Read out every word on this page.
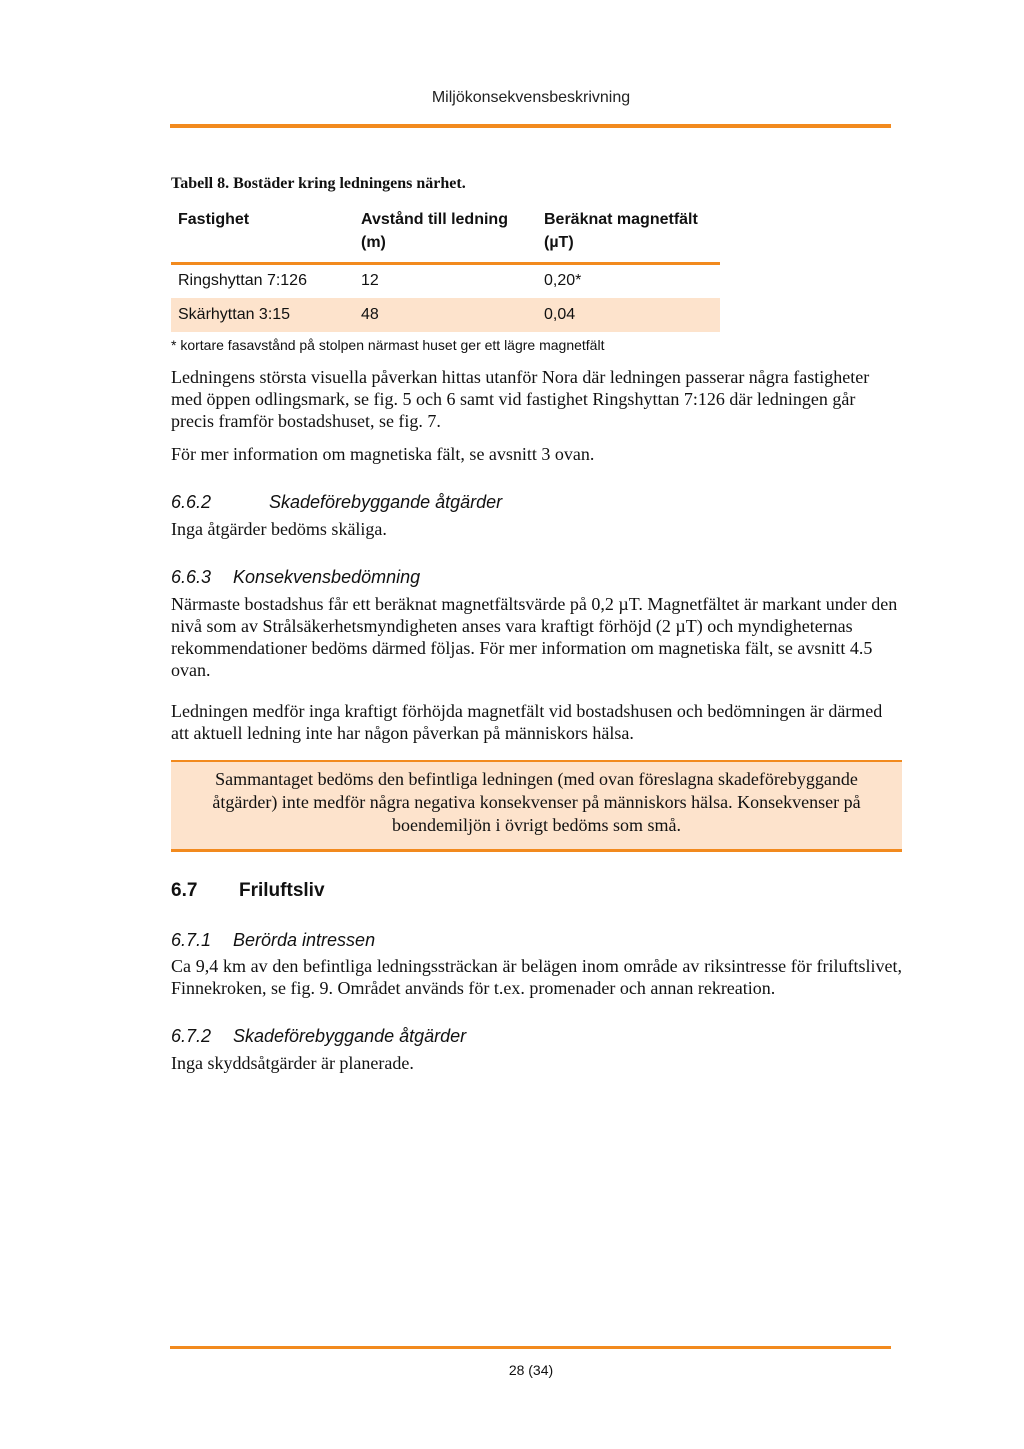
Miljökonsekvensbeskrivning
Tabell 8. Bostäder kring ledningens närhet.
Fastighet	Avstånd till ledning (m)	Beräknat magnetfält (µT)
Ringshyttan 7:126	12	0,20*
Skärhyttan 3:15	48	0,04
* kortare fasavstånd på stolpen närmast huset ger ett lägre magnetfält

Ledningens största visuella påverkan hittas utanför Nora där ledningen passerar några fastigheter med öppen odlingsmark, se fig. 5 och 6 samt vid fastighet Ringshyttan 7:126 där ledningen går precis framför bostadshuset, se fig. 7.

För mer information om magnetiska fält, se avsnitt 3 ovan.

6.6.2	Skadeförebyggande åtgärder

Inga åtgärder bedöms skäliga.

6.6.3 Konsekvensbedömning

Närmaste bostadshus får ett beräknat magnetfältsvärde på 0,2 µT. Magnetfältet är markant under den nivå som av Strålsäkerhetsmyndigheten anses vara kraftigt förhöjd (2 µT) och myndigheternas rekommendationer bedöms därmed följas. För mer information om magnetiska fält, se avsnitt 4.5 ovan.

Ledningen medför inga kraftigt förhöjda magnetfält vid bostadshusen och bedömningen är därmed att aktuell ledning inte har någon påverkan på människors hälsa.

Sammantaget bedöms den befintliga ledningen (med ovan föreslagna skadeförebyggande åtgärder) inte medför några negativa konsekvenser på människors hälsa. Konsekvenser på boendemiljön i övrigt bedöms som små.

6.7 Friluftsliv
6.7.1 Berörda intressen

Ca 9,4 km av den befintliga ledningssträckan är belägen inom område av riksintresse för friluftslivet, Finnekroken, se fig. 9. Området används för t.ex. promenader och annan rekreation.

6.7.2 Skadeförebyggande åtgärder

Inga skyddsåtgärder är planerade.

28 (34)
